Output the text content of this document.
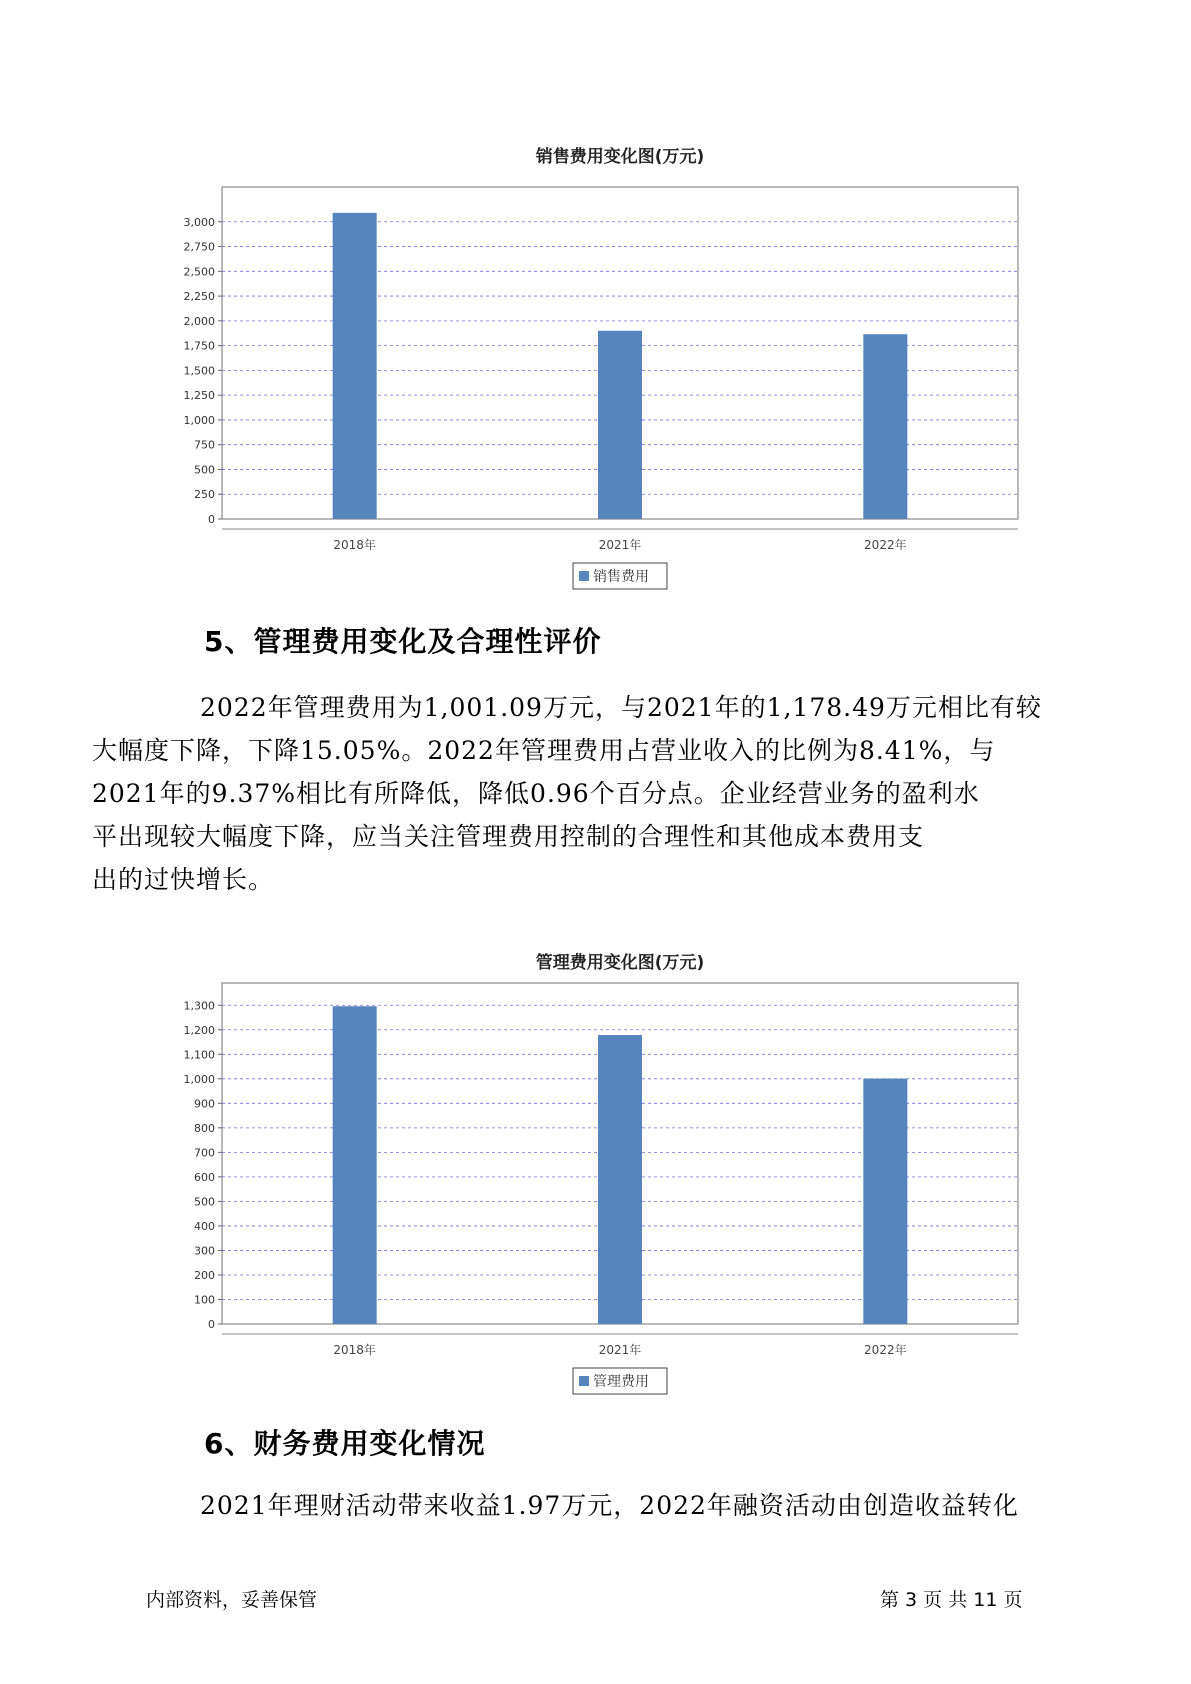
销售费用变化图(万元)
0
250
500
750
1,000
1,250
1,500
1,750
2,000
2,250
2,500
2,750
3,000
2018年	2021年	2022年
销售费用
5、管理费用变化及合理性评价
2022年管理费用为1,001.09万元，与2021年的1,178.49万元相比有较
大幅度下降，下降15.05%。2022年管理费用占营业收入的比例为8.41%，与
2021年的9.37%相比有所降低，降低0.96个百分点。企业经营业务的盈利水
平出现较大幅度下降，应当关注管理费用控制的合理性和其他成本费用支
出的过快增长。
管理费用变化图(万元)
0
100
200
300
400
500
600
700
800
900
1,000
1,100
1,200
1,300
2018年	2021年	2022年
管理费用
6、财务费用变化情况
2021年理财活动带来收益1.97万元，2022年融资活动由创造收益转化
内部资料，妥善保管	第 3 页 共 11 页
